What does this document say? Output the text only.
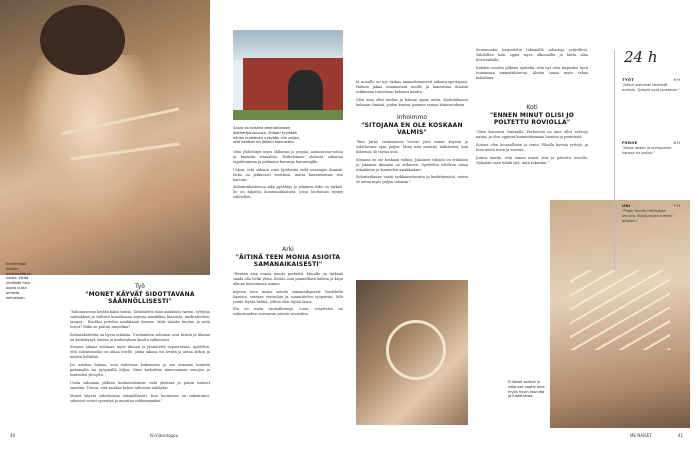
Enemmistö Saaren asiakkaista on naisia. Heitä yhdistää halu oppia uutta omasta kehostaan.
Saara on toiseha ammattilaisen leathertjanuvuista. Shibari tyylittää hänen kurkeinen nykyään niin paljon, että kaatten on jälleen taka-alalla.
Työ
"MONET KÄYVÄT SIDOTTAVANA SÄÄNNÖLLISESTI"

"Sidontasessio kestää kaksi tuntia. Valmistelen tilan asiakasta varten, syttytän suitsukkeet ja valitsen tunnelmaan sopivaa musiikkia: klassista, meditatiivista, tangoa... Esiolkai juttelen asiakkaani kanssa. Mitä tänään kuuluu ja mitä toivot? Mikä on päivän tunnelma?

Sidontaköitteitä on hyvin erilaisia. Useimmiten sidonnat ovat tiiviitä ja tilanne on keskittynyt, käsien ja kosketuksen kautta sulkeutuva.

Session aikana sidotaan myös ilmaan ja jännitteitä vapautetaan. Ajattelen, että sidontatuokio on aikaa itselle, jonka aikana voi levätä ja antaa kehon ja mielen hellittää.

Jos asiakas haluaa, voin vahvistaa kokemusta ja sen avaamia tunteita puhumalla tai pysymällä hiljaa. Nimi tarkoittaa nimenomaan sanojen ja tunteiden yhteyttä.

Usein sidonnan jälkeen keskustelemme vielä yhdessä ja puran tunteet sanoiksi. Toivon, että asiakas kokee tulleensa nähdyksi.

Monet käyvät sidottavana säännöllisesti. Kun luottamus on rakentunut, sidonnat voivat syventyä ja muuttua rohkeammiksi."

Olen yhdistänyt myös shibariin jo joogan, aamusauna-voissa ja kauniita rituaaleja. Esittelemme yhdessä sidontaa tapahtumissa ja pidämme kursseja harrastajille.

Uskon, että sidonta voisi hyödyttää vielä useampia ihmisiä. Keho on jatkuvasti viestinsä, mutta kuuntelemme sitä harvoin.

Sidontatilanteessa aika pysähtyy ja jokainen liike on tärkeä. Se on hiljaista kommunikaatiota, jossa luottamus syntyy vähitellen.

Arki
"ÄITINÄ TEEN MONIA ASIOITA SAMANAIKAISESTI"

"Herään aina ennen muuta perhettä. Minulle on tärkeää saada olla hetki yksin. Keitän ison pannullisen kahvia ja käyn ulkona katsomassa aamua.

Arjessa teen monia asioita samanaikaisesti: huolehdin lapsista, vastaan viesteihin ja suunnittelen työpäivän. Silti yritän löytää hetkiä, jolloin olen täysin läsnä.

Ilta on usein rauhallisempi. Luen, venyttelen tai valmistaudun seuraavan päivän sessioihin.

40

tä minulle on nyt raskas ammattimaisesti sidonta-opettajana. Haluan jakaa osaamistani muille ja kannustaa ihmisiä tutkimaan tunteitaan kehonsa kautta.

Olen aina ollut utelias ja haluan oppia uutta. Koulutuksissa kohtaan ihmisiä, joiden kanssa jaamme saman kiinnostuksen.

Inhoimmo
"SITOJANA EN OLE KOSKAAN VALMIS"

"Kun Jarno vastusmisen herran järti minut köysiin ja sidottavana opin paljon. Moni asia muuttui nähtävästi, kun kokemus oli täysin uusi.

Sitojana en ole koskaan valmis. Jokainen sidonta on erilainen ja jokainen ihminen on erilainen. Opettelen edelleen uusia tekniikoita ja kuuntelen asiakkaitani.

Sidontatilanne vaatii tarkkaavaisuutta ja keskittymistä, mutta se antaa myös paljon takaisin."

Seuraavaksi harjoittelin tekemällä sidontoja ystävilleni. Vähitellen hain oppia myös ulkomailta ja kävin alan festivaaleilla.

Kahden vuoden jälkeen ajattelin, että nyt olen tarpeeksi hyvä toimimaan ammattilaisena. Aloitin sanaa myös rahaa kokeiluna.

Koti
"ENNEN MINUT OLISI JO POLTETTU ROVIOLLA"

"Olen kasvanut Vantaalla. Perheessä on aina ollut vahvoja naisia, ja olen oppinut kunnioittamaan luontoa ja perinteitä.

Kotona olen luonnollinen ja rento. Pihalla kasvaa yrttejä, ja teen niistä teetä ja voiteita.

Joskus mietin, että ennen minut olisi jo poltettu roviolla. Nykyään saan tehdä sitä, mitä rakastan."

Erilaiset solmut ja sidonnat vaativ aina myös hyvin kauniita ja luotatuksia.
24 h
TYÖT	9 H
"Jotkut sidonnat kestävät tunteja. Työajat ovat joustavia."
PERHE	8 H
"Aikaa lasten ja kumppanin kanssa on paljon."
UNI	7 H
"Pidän huolta riittävästä levosta. Nukkumaan menen aikaisin."
IS-Viikonloppu	ME NAISET	41
